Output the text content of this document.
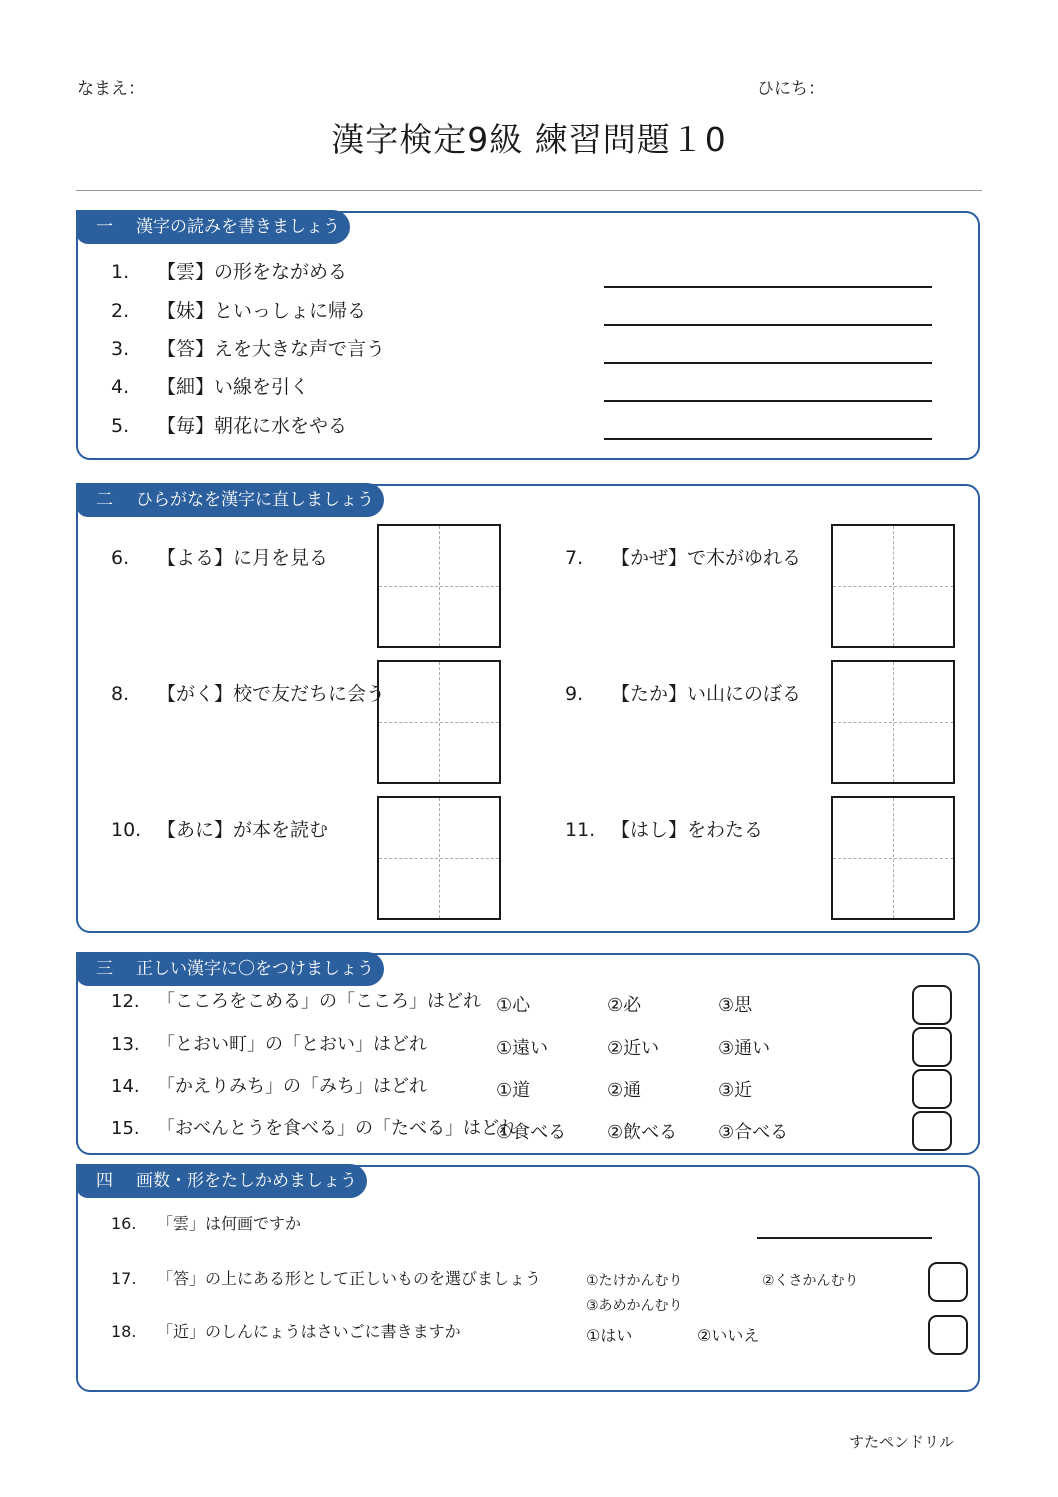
なまえ：	ひにち：
漢字検定9級 練習問題１0
一 漢字の読みを書きましょう
1. 【雲】の形をながめる
2. 【妹】といっしょに帰る
3. 【答】えを大きな声で言う
4. 【細】い線を引く
5. 【毎】朝花に水をやる
二 ひらがなを漢字に直しましょう
6. 【よる】に月を見る	7. 【かぜ】で木がゆれる
8. 【がく】校で友だちに会う	9. 【たか】い山にのぼる
10. 【あに】が本を読む	11. 【はし】をわたる
三 正しい漢字に〇をつけましょう
12. 「こころをこめる」の「こころ」はどれ ①心	②必	③思
13. 「とおい町」の「とおい」はどれ	①遠い	②近い	③通い
14. 「かえりみち」の「みち」はどれ	①道	②通	③近
15. 「おべんとうを食べる」の「たべる」はどれ
①食べる ②飲べる ③合べる
四 画数・形をたしかめましょう
16. 「雲」は何画ですか
17. 「答」の上にある形として正しいものを選びましょう	①たけかんむり	②くさかんむり
③あめかんむり
18. 「近」のしんにょうはさいごに書きますか	①はい	②いいえ
すたペンドリル
